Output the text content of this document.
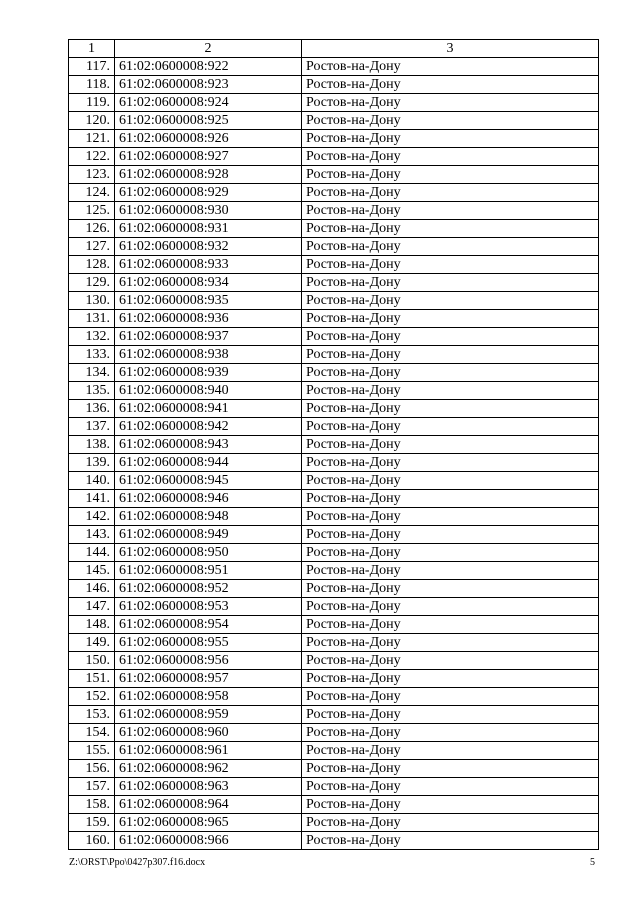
1	2	3
117.	61:02:0600008:922	Ростов-на-Дону
118.	61:02:0600008:923	Ростов-на-Дону
119.	61:02:0600008:924	Ростов-на-Дону
120.	61:02:0600008:925	Ростов-на-Дону
121.	61:02:0600008:926	Ростов-на-Дону
122.	61:02:0600008:927	Ростов-на-Дону
123.	61:02:0600008:928	Ростов-на-Дону
124.	61:02:0600008:929	Ростов-на-Дону
125.	61:02:0600008:930	Ростов-на-Дону
126.	61:02:0600008:931	Ростов-на-Дону
127.	61:02:0600008:932	Ростов-на-Дону
128.	61:02:0600008:933	Ростов-на-Дону
129.	61:02:0600008:934	Ростов-на-Дону
130.	61:02:0600008:935	Ростов-на-Дону
131.	61:02:0600008:936	Ростов-на-Дону
132.	61:02:0600008:937	Ростов-на-Дону
133.	61:02:0600008:938	Ростов-на-Дону
134.	61:02:0600008:939	Ростов-на-Дону
135.	61:02:0600008:940	Ростов-на-Дону
136.	61:02:0600008:941	Ростов-на-Дону
137.	61:02:0600008:942	Ростов-на-Дону
138.	61:02:0600008:943	Ростов-на-Дону
139.	61:02:0600008:944	Ростов-на-Дону
140.	61:02:0600008:945	Ростов-на-Дону
141.	61:02:0600008:946	Ростов-на-Дону
142.	61:02:0600008:948	Ростов-на-Дону
143.	61:02:0600008:949	Ростов-на-Дону
144.	61:02:0600008:950	Ростов-на-Дону
145.	61:02:0600008:951	Ростов-на-Дону
146.	61:02:0600008:952	Ростов-на-Дону
147.	61:02:0600008:953	Ростов-на-Дону
148.	61:02:0600008:954	Ростов-на-Дону
149.	61:02:0600008:955	Ростов-на-Дону
150.	61:02:0600008:956	Ростов-на-Дону
151.	61:02:0600008:957	Ростов-на-Дону
152.	61:02:0600008:958	Ростов-на-Дону
153.	61:02:0600008:959	Ростов-на-Дону
154.	61:02:0600008:960	Ростов-на-Дону
155.	61:02:0600008:961	Ростов-на-Дону
156.	61:02:0600008:962	Ростов-на-Дону
157.	61:02:0600008:963	Ростов-на-Дону
158.	61:02:0600008:964	Ростов-на-Дону
159.	61:02:0600008:965	Ростов-на-Дону
160.	61:02:0600008:966	Ростов-на-Дону
Z:\ORST\Ppo\0427p307.f16.docx	5
